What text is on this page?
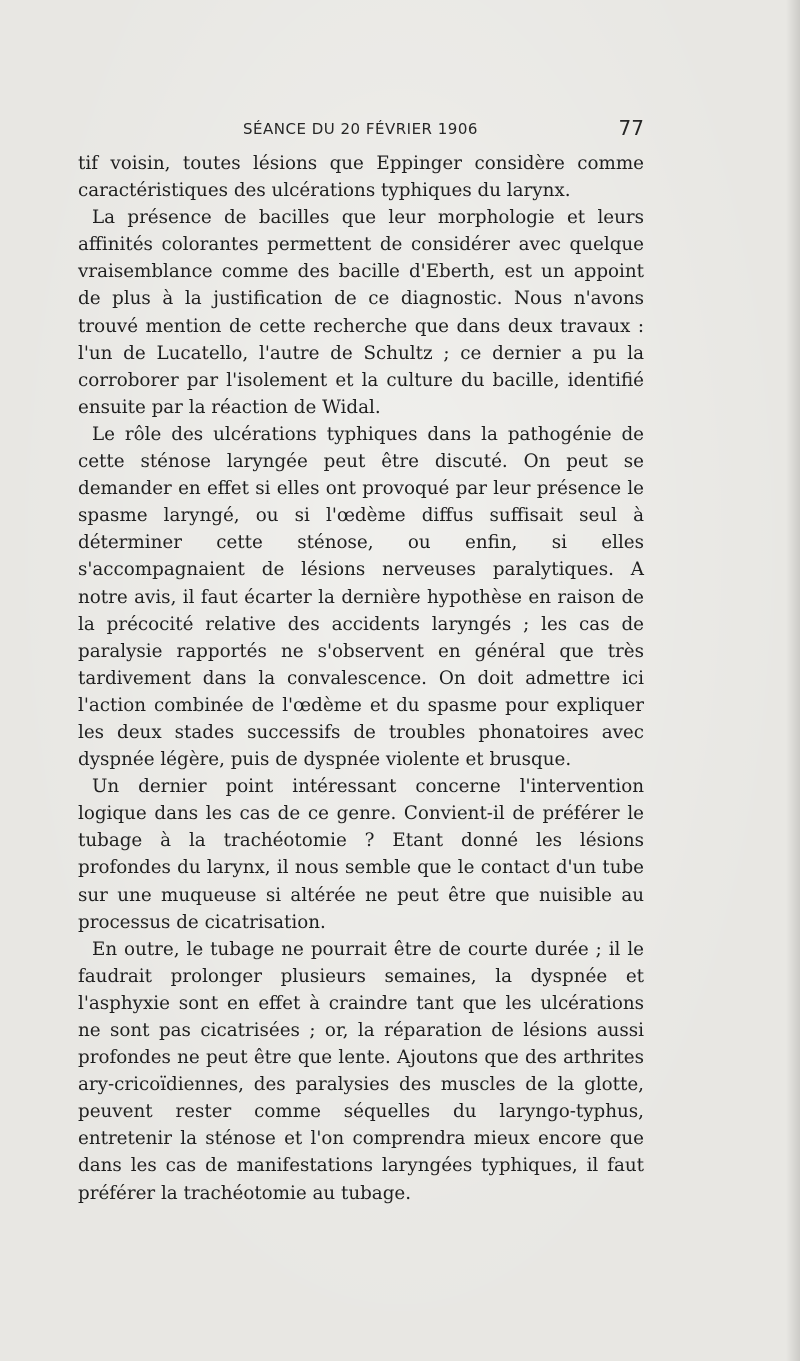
SÉANCE DU 20 FÉVRIER 1906	77

tif voisin, toutes lésions que Eppinger considère comme caractéristiques des ulcérations typhiques du larynx.

La présence de bacilles que leur morphologie et leurs affinités colorantes permettent de considérer avec quelque vraisemblance comme des bacille d'Eberth, est un appoint de plus à la justification de ce diagnostic. Nous n'avons trouvé mention de cette recherche que dans deux travaux : l'un de Lucatello, l'autre de Schultz ; ce dernier a pu la corroborer par l'isolement et la culture du bacille, identifié ensuite par la réaction de Widal.

Le rôle des ulcérations typhiques dans la pathogénie de cette sténose laryngée peut être discuté. On peut se demander en effet si elles ont provoqué par leur présence le spasme laryngé, ou si l'œdème diffus suffisait seul à déterminer cette sténose, ou enfin, si elles s'accompagnaient de lésions nerveuses paralytiques. A notre avis, il faut écarter la dernière hypothèse en raison de la précocité relative des accidents laryngés ; les cas de paralysie rapportés ne s'observent en général que très tardivement dans la convalescence. On doit admettre ici l'action combinée de l'œdème et du spasme pour expliquer les deux stades successifs de troubles phonatoires avec dyspnée légère, puis de dyspnée violente et brusque.

Un dernier point intéressant concerne l'intervention logique dans les cas de ce genre. Convient-il de préférer le tubage à la trachéotomie ? Etant donné les lésions profondes du larynx, il nous semble que le contact d'un tube sur une muqueuse si altérée ne peut être que nuisible au processus de cicatrisation.

En outre, le tubage ne pourrait être de courte durée ; il le faudrait prolonger plusieurs semaines, la dyspnée et l'asphyxie sont en effet à craindre tant que les ulcérations ne sont pas cicatrisées ; or, la réparation de lésions aussi profondes ne peut être que lente. Ajoutons que des arthrites ary-cricoïdiennes, des paralysies des muscles de la glotte, peuvent rester comme séquelles du laryngo-typhus, entretenir la sténose et l'on comprendra mieux encore que dans les cas de manifestations laryngées typhiques, il faut préférer la trachéotomie au tubage.
